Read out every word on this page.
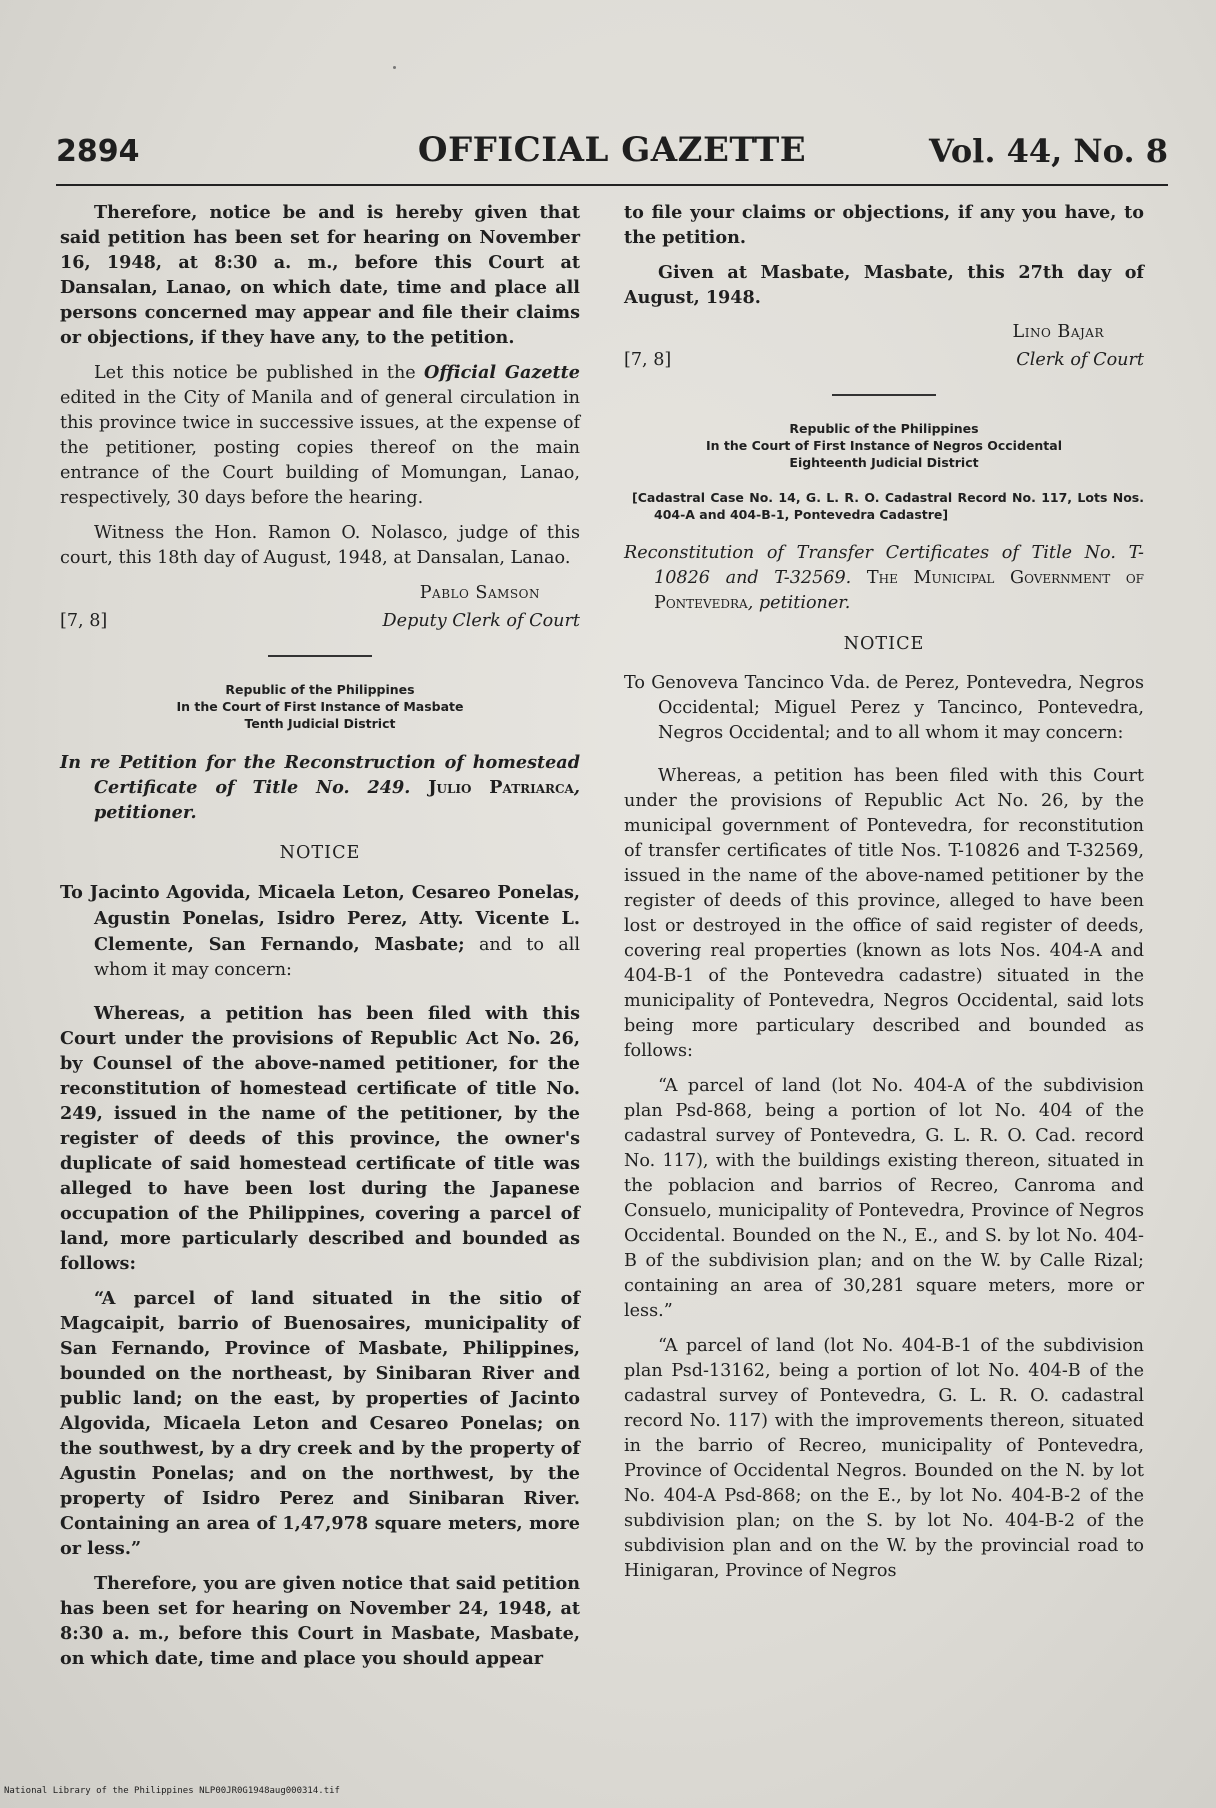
2894	OFFICIAL GAZETTE	Vol. 44, No. 8

Therefore, notice be and is hereby given that said petition has been set for hearing on November 16, 1948, at 8:30 a. m., before this Court at Dansalan, Lanao, on which date, time and place all persons concerned may appear and file their claims or objections, if they have any, to the petition.

Let this notice be published in the Official Gazette edited in the City of Manila and of general circulation in this province twice in successive issues, at the expense of the petitioner, posting copies thereof on the main entrance of the Court building of Momungan, Lanao, respectively, 30 days before the hearing.

Witness the Hon. Ramon O. Nolasco, judge of this court, this 18th day of August, 1948, at Dansalan, Lanao.

Pablo Samson
[7, 8]	Deputy Clerk of Court
Republic of the Philippines
In the Court of First Instance of Masbate
Tenth Judicial District
In re Petition for the Reconstruction of homestead Certificate of Title No. 249. Julio Patriarca, petitioner.
NOTICE
To Jacinto Agovida, Micaela Leton, Cesareo Ponelas, Agustin Ponelas, Isidro Perez, Atty. Vicente L. Clemente, San Fernando, Masbate; and to all whom it may concern:

Whereas, a petition has been filed with this Court under the provisions of Republic Act No. 26, by Counsel of the above-named petitioner, for the reconstitution of homestead certificate of title No. 249, issued in the name of the petitioner, by the register of deeds of this province, the owner's duplicate of said homestead certificate of title was alleged to have been lost during the Japanese occupation of the Philippines, covering a parcel of land, more particularly described and bounded as follows:

“A parcel of land situated in the sitio of Magcaipit, barrio of Buenosaires, municipality of San Fernando, Province of Masbate, Philippines, bounded on the northeast, by Sinibaran River and public land; on the east, by properties of Jacinto Algovida, Micaela Leton and Cesareo Ponelas; on the southwest, by a dry creek and by the property of Agustin Ponelas; and on the northwest, by the property of Isidro Perez and Sinibaran River. Containing an area of 1,47,978 square meters, more or less.”

Therefore, you are given notice that said petition has been set for hearing on November 24, 1948, at 8:30 a. m., before this Court in Masbate, Masbate, on which date, time and place you should appear

to file your claims or objections, if any you have, to the petition.

Given at Masbate, Masbate, this 27th day of August, 1948.

Lino Bajar
[7, 8]	Clerk of Court
Republic of the Philippines
In the Court of First Instance of Negros Occidental
Eighteenth Judicial District
[Cadastral Case No. 14, G. L. R. O. Cadastral Record No. 117, Lots Nos. 404-A and 404-B-1, Pontevedra Cadastre]
Reconstitution of Transfer Certificates of Title No. T-10826 and T-32569. The Municipal Government of Pontevedra, petitioner.
NOTICE
To Genoveva Tancinco Vda. de Perez, Pontevedra, Negros Occidental; Miguel Perez y Tancinco, Pontevedra, Negros Occidental; and to all whom it may concern:

Whereas, a petition has been filed with this Court under the provisions of Republic Act No. 26, by the municipal government of Pontevedra, for reconstitution of transfer certificates of title Nos. T-10826 and T-32569, issued in the name of the above-named petitioner by the register of deeds of this province, alleged to have been lost or destroyed in the office of said register of deeds, covering real properties (known as lots Nos. 404-A and 404-B-1 of the Pontevedra cadastre) situated in the municipality of Pontevedra, Negros Occidental, said lots being more particulary described and bounded as follows:

“A parcel of land (lot No. 404-A of the subdivision plan Psd-868, being a portion of lot No. 404 of the cadastral survey of Pontevedra, G. L. R. O. Cad. record No. 117), with the buildings existing thereon, situated in the poblacion and barrios of Recreo, Canroma and Consuelo, municipality of Pontevedra, Province of Negros Occidental. Bounded on the N., E., and S. by lot No. 404-B of the subdivision plan; and on the W. by Calle Rizal; containing an area of 30,281 square meters, more or less.”

“A parcel of land (lot No. 404-B-1 of the subdivision plan Psd-13162, being a portion of lot No. 404-B of the cadastral survey of Pontevedra, G. L. R. O. cadastral record No. 117) with the improvements thereon, situated in the barrio of Recreo, municipality of Pontevedra, Province of Occidental Negros. Bounded on the N. by lot No. 404-A Psd-868; on the E., by lot No. 404-B-2 of the subdivision plan; on the S. by lot No. 404-B-2 of the subdivision plan and on the W. by the provincial road to Hinigaran, Province of Negros

National Library of the Philippines NLP00JR0G1948aug000314.tif
